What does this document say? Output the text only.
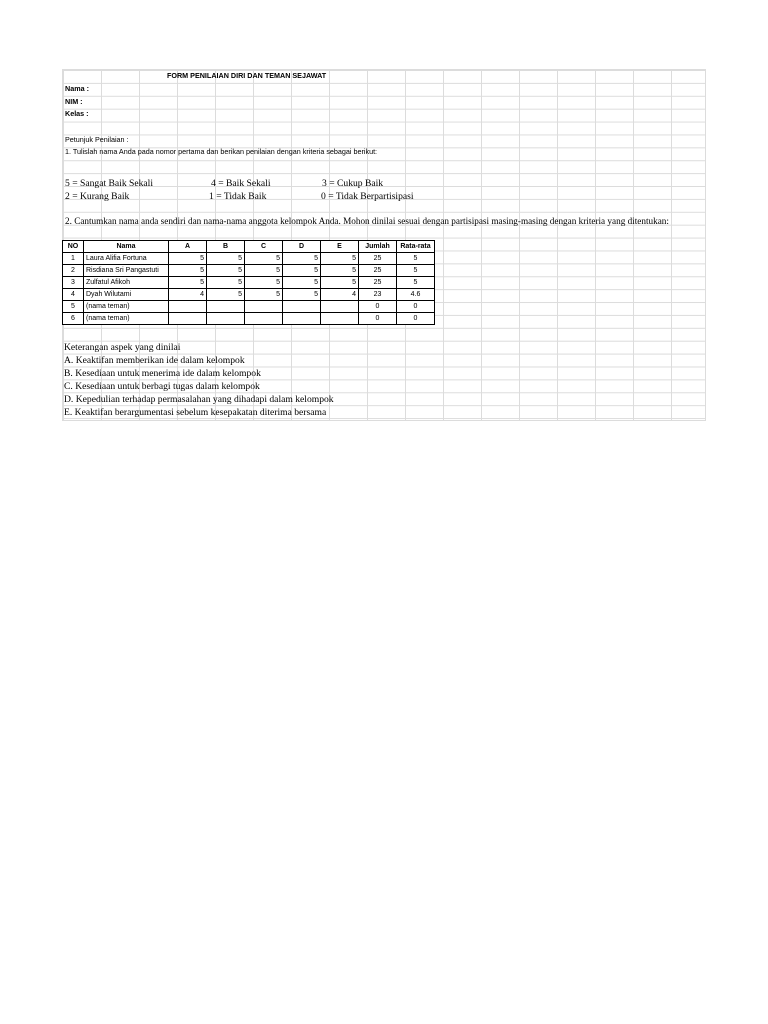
FORM PENILAIAN DIRI DAN TEMAN SEJAWAT
Nama :
NIM :
Kelas :
Petunjuk Penilaian :
1. Tulislah nama Anda pada nomor pertama dan berikan penilaian dengan kriteria sebagai berikut:
5 = Sangat Baik Sekali	4 = Baik Sekali	3 = Cukup Baik
2 = Kurang Baik	1 = Tidak Baik	0 = Tidak Berpartisipasi
2. Cantumkan nama anda sendiri dan nama-nama anggota kelompok Anda. Mohon dinilai sesuai dengan partisipasi masing-masing dengan kriteria yang ditentukan:
NO	Nama	A	B	C	D	E	Jumlah	Rata-rata
1	Laura Alifia Fortuna	5	5	5	5	5	25	5
2	Risdiana Sri Pangastuti	5	5	5	5	5	25	5
3	Zulfatul Afikoh	5	5	5	5	5	25	5
4	Dyah Wilutami	4	5	5	5	4	23	4.6
5	(nama teman)						0	0
6	(nama teman)						0	0
Keterangan aspek yang dinilai
A. Keaktifan memberikan ide dalam kelompok
B. Kesediaan untuk menerima ide dalam kelompok
C. Kesediaan untuk berbagi tugas dalam kelompok
D. Kepedulian terhadap permasalahan yang dihadapi dalam kelompok
E. Keaktifan berargumentasi sebelum kesepakatan diterima bersama
